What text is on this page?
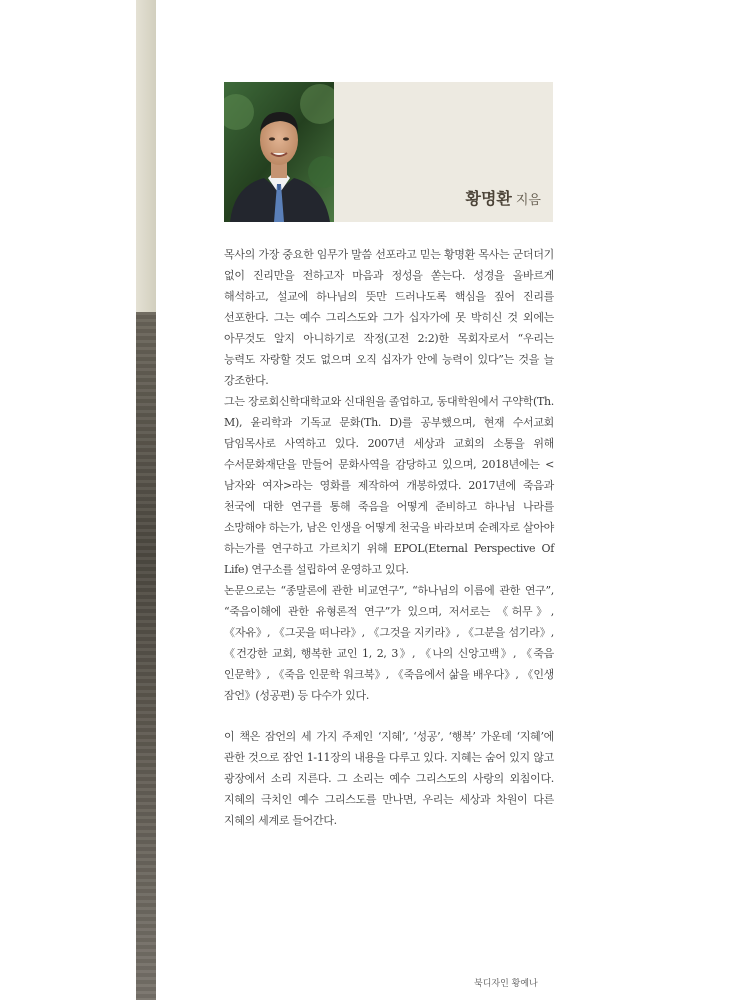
황명환 지음

목사의 가장 중요한 임무가 말씀 선포라고 믿는 황명환 목사는 군더더기 없이 진리만을 전하고자 마음과 정성을 쏟는다. 성경을 올바르게 해석하고, 설교에 하나님의 뜻만 드러나도록 핵심을 짚어 진리를 선포한다. 그는 예수 그리스도와 그가 십자가에 못 박히신 것 외에는 아무것도 알지 아니하기로 작정(고전 2:2)한 목회자로서 “우리는 능력도 자랑할 것도 없으며 오직 십자가 안에 능력이 있다”는 것을 늘 강조한다.

그는 장로회신학대학교와 신대원을 졸업하고, 동대학원에서 구약학(Th. M), 윤리학과 기독교 문화(Th. D)를 공부했으며, 현재 수서교회 담임목사로 사역하고 있다. 2007년 세상과 교회의 소통을 위해 수서문화재단을 만들어 문화사역을 감당하고 있으며, 2018년에는 <남자와 여자>라는 영화를 제작하여 개봉하였다. 2017년에 죽음과 천국에 대한 연구를 통해 죽음을 어떻게 준비하고 하나님 나라를 소망해야 하는가, 남은 인생을 어떻게 천국을 바라보며 순례자로 살아야 하는가를 연구하고 가르치기 위해 EPOL(Eternal Perspective Of Life) 연구소를 설립하여 운영하고 있다.

논문으로는 “종말론에 관한 비교연구”, “하나님의 이름에 관한 연구”, “죽음이해에 관한 유형론적 연구”가 있으며, 저서로는 《허무》, 《자유》, 《그곳을 떠나라》, 《그것을 지키라》, 《그분을 섬기라》, 《건강한 교회, 행복한 교인 1, 2, 3》, 《나의 신앙고백》, 《죽음 인문학》, 《죽음 인문학 워크북》, 《죽음에서 삶을 배우다》, 《인생 잠언》(성공편) 등 다수가 있다.

이 책은 잠언의 세 가지 주제인 ‘지혜’, ‘성공’, ‘행복’ 가운데 ‘지혜’에 관한 것으로 잠언 1-11장의 내용을 다루고 있다. 지혜는 숨어 있지 않고 광장에서 소리 지른다. 그 소리는 예수 그리스도의 사랑의 외침이다. 지혜의 극치인 예수 그리스도를 만나면, 우리는 세상과 차원이 다른 지혜의 세계로 들어간다.

북디자인 황예나
